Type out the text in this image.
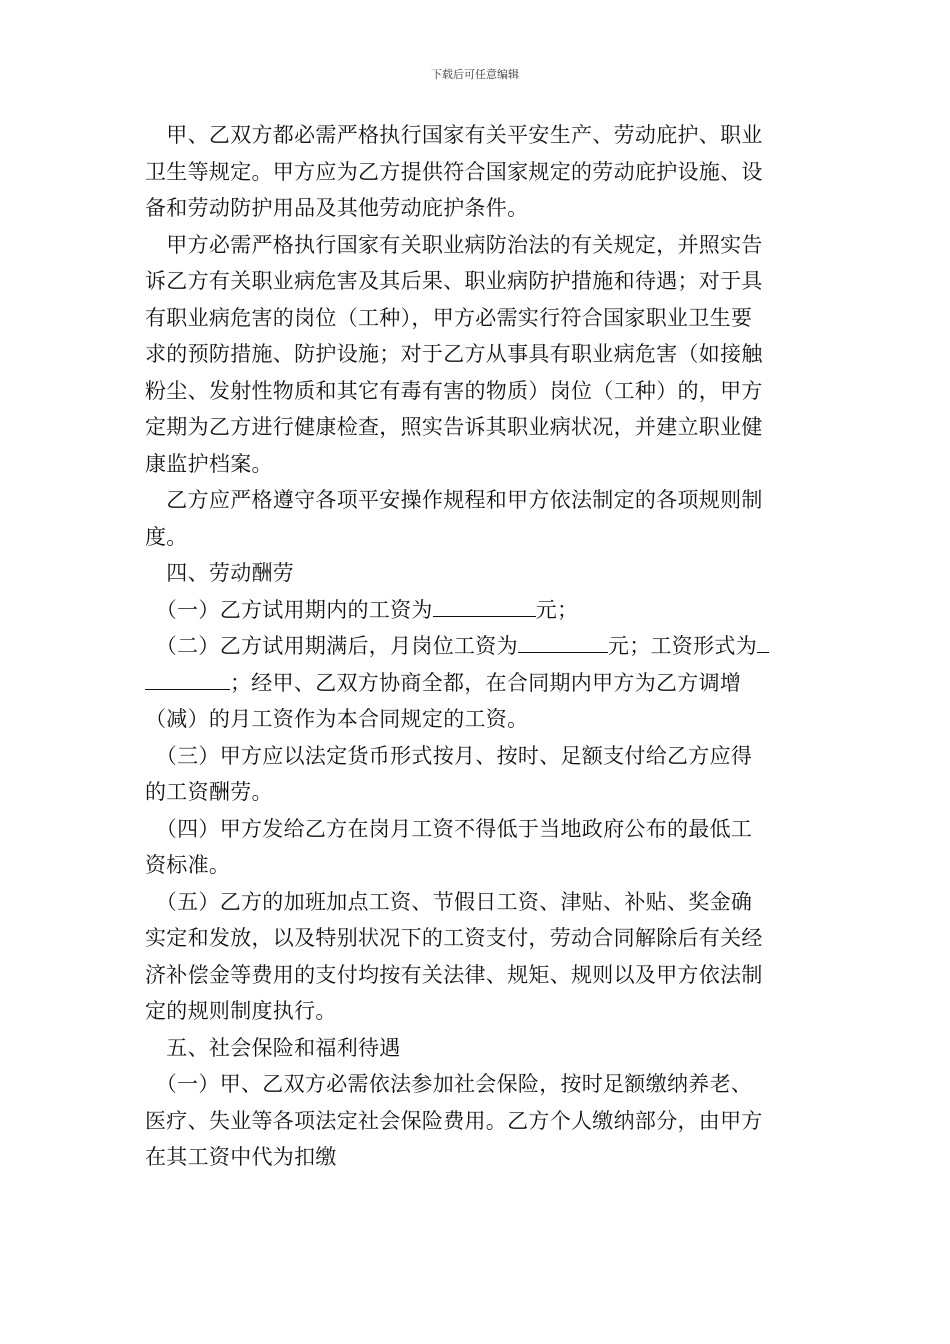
下载后可任意编辑

　甲、乙双方都必需严格执行国家有关平安生产、劳动庇护、职业

卫生等规定。甲方应为乙方提供符合国家规定的劳动庇护设施、设

备和劳动防护用品及其他劳动庇护条件。

　甲方必需严格执行国家有关职业病防治法的有关规定，并照实告

诉乙方有关职业病危害及其后果、职业病防护措施和待遇；对于具

有职业病危害的岗位（工种），甲方必需实行符合国家职业卫生要

求的预防措施、防护设施；对于乙方从事具有职业病危害（如接触

粉尘、发射性物质和其它有毒有害的物质）岗位（工种）的，甲方

定期为乙方进行健康检查，照实告诉其职业病状况，并建立职业健

康监护档案。

　乙方应严格遵守各项平安操作规程和甲方依法制定的各项规则制

度。

　四、劳动酬劳

　（一）乙方试用期内的工资为	元；

　（二）乙方试用期满后，月岗位工资为	元；工资形式为

；经甲、乙双方协商全都，在合同期内甲方为乙方调增

（减）的月工资作为本合同规定的工资。

　（三）甲方应以法定货币形式按月、按时、足额支付给乙方应得

的工资酬劳。

　（四）甲方发给乙方在岗月工资不得低于当地政府公布的最低工

资标准。

　（五）乙方的加班加点工资、节假日工资、津贴、补贴、奖金确

实定和发放，以及特别状况下的工资支付，劳动合同解除后有关经

济补偿金等费用的支付均按有关法律、规矩、规则以及甲方依法制

定的规则制度执行。

　五、社会保险和福利待遇

　（一）甲、乙双方必需依法参加社会保险，按时足额缴纳养老、

医疗、失业等各项法定社会保险费用。乙方个人缴纳部分，由甲方

在其工资中代为扣缴
